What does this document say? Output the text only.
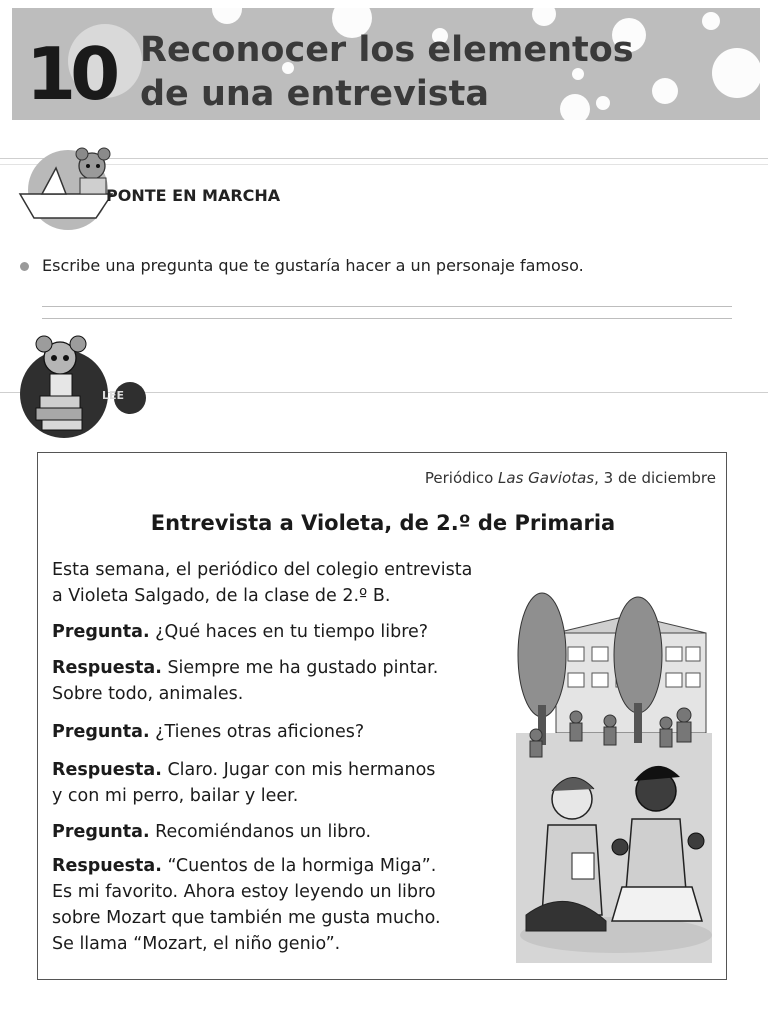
10 Reconocer los elementos
de una entrevista
PONTE EN MARCHA
Escribe una pregunta que te gustaría hacer a un personaje famoso.
LEE
Periódico Las Gaviotas, 3 de diciembre
Entrevista a Violeta, de 2.º de Primaria
Esta semana, el periódico del colegio entrevista
a Violeta Salgado, de la clase de 2.º B.
Pregunta. ¿Qué haces en tu tiempo libre?
Respuesta. Siempre me ha gustado pintar.
Sobre todo, animales.
Pregunta. ¿Tienes otras aficiones?
Respuesta. Claro. Jugar con mis hermanos
y con mi perro, bailar y leer.
Pregunta. Recomiéndanos un libro.
Respuesta. “Cuentos de la hormiga Miga”.
Es mi favorito. Ahora estoy leyendo un libro
sobre Mozart que también me gusta mucho.
Se llama “Mozart, el niño genio”.
